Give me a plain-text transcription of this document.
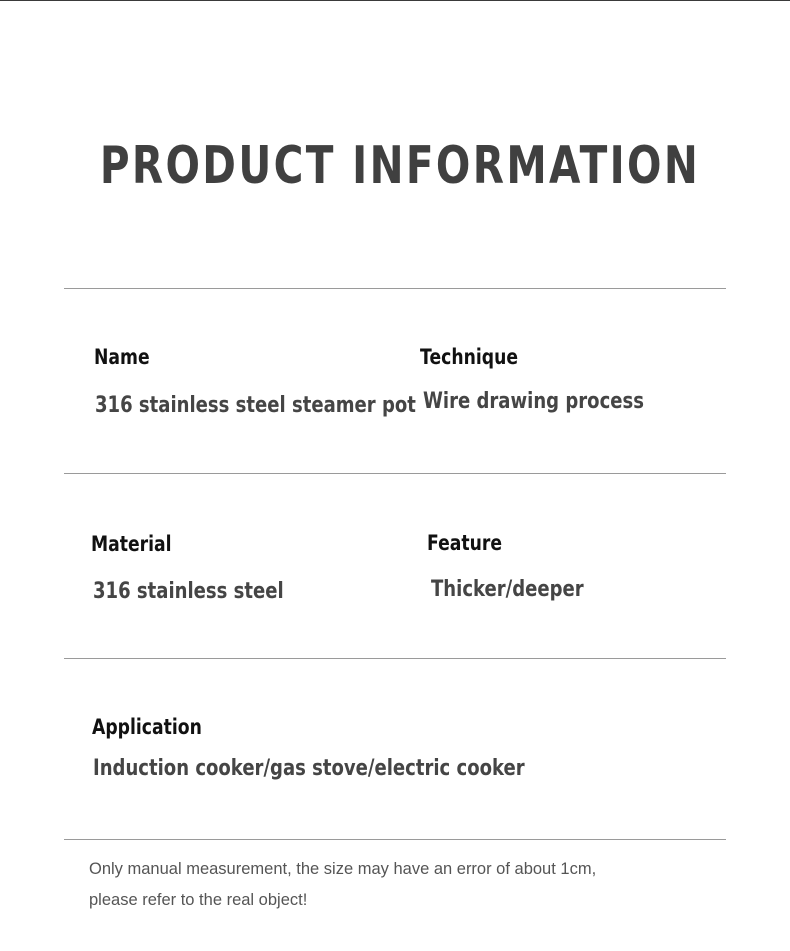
PRODUCT INFORMATION
Name
316 stainless steel steamer pot
Technique
Wire drawing process
Material
316 stainless steel
Feature
Thicker/deeper
Application
Induction cooker/gas stove/electric cooker
Only manual measurement, the size may have an error of about 1cm,
please refer to the real object!
